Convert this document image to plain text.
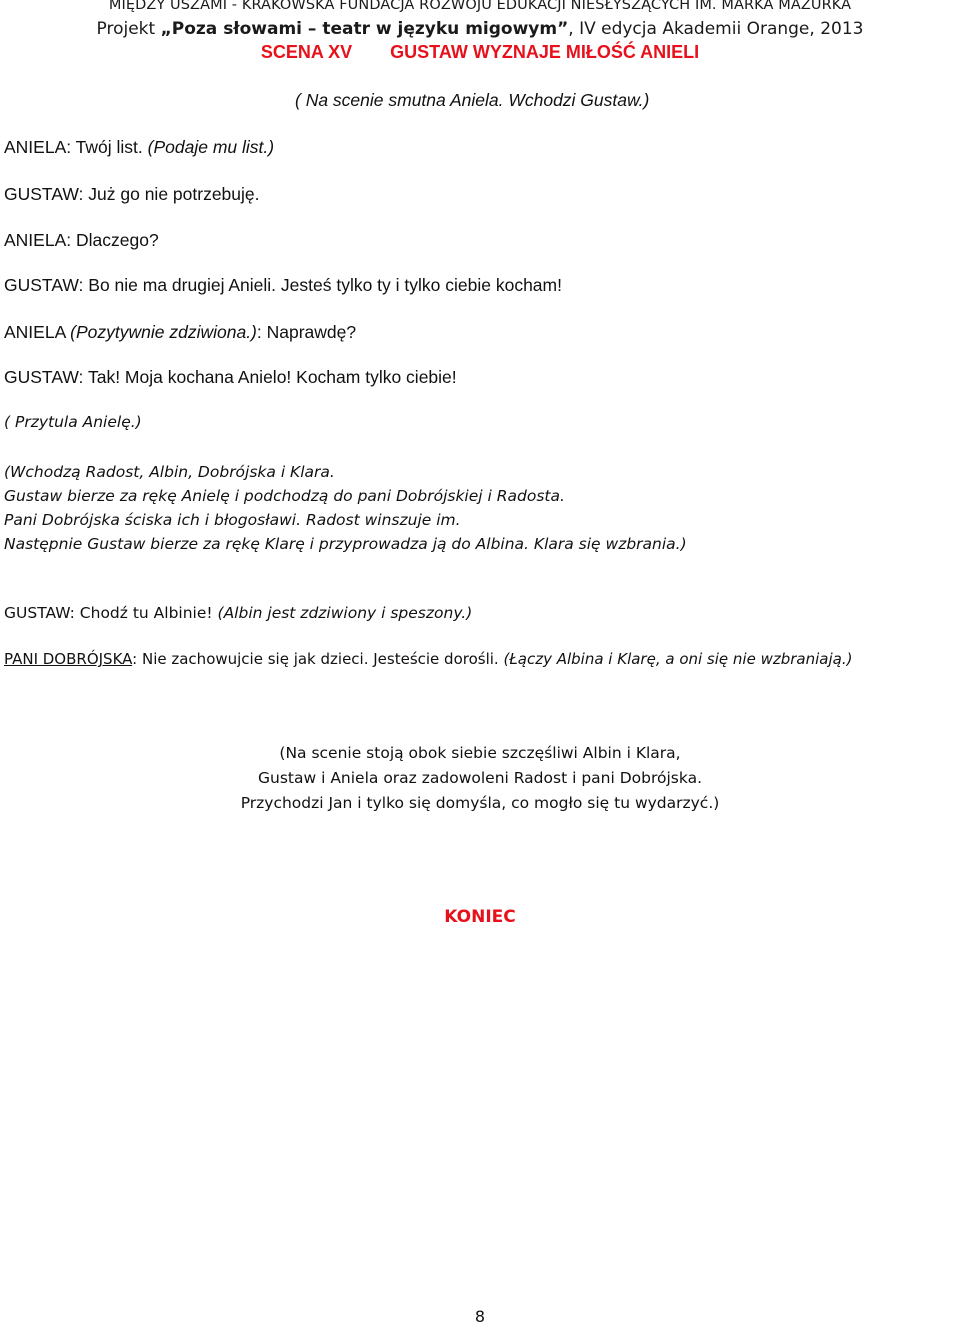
MIĘDZY USZAMI - KRAKOWSKA FUNDACJA ROZWOJU EDUKACJI NIESŁYSZĄCYCH IM. MARKA MAZURKA
Projekt „Poza słowami – teatr w języku migowym”, IV edycja Akademii Orange, 2013
SCENA XV GUSTAW WYZNAJE MIŁOŚĆ ANIELI
( Na scenie smutna Aniela. Wchodzi Gustaw.)
ANIELA: Twój list. (Podaje mu list.)
GUSTAW: Już go nie potrzebuję.
ANIELA: Dlaczego?
GUSTAW: Bo nie ma drugiej Anieli. Jesteś tylko ty i tylko ciebie kocham!
ANIELA (Pozytywnie zdziwiona.): Naprawdę?
GUSTAW: Tak! Moja kochana Anielo! Kocham tylko ciebie!
( Przytula Anielę.)
(Wchodzą Radost, Albin, Dobrójska i Klara.
Gustaw bierze za rękę Anielę i podchodzą do pani Dobrójskiej i Radosta.
Pani Dobrójska ściska ich i błogosławi. Radost winszuje im.
Następnie Gustaw bierze za rękę Klarę i przyprowadza ją do Albina. Klara się wzbrania.)
GUSTAW: Chodź tu Albinie! (Albin jest zdziwiony i speszony.)
PANI DOBRÓJSKA: Nie zachowujcie się jak dzieci. Jesteście dorośli. (Łączy Albina i Klarę, a oni się nie wzbraniają.)
(Na scenie stoją obok siebie szczęśliwi Albin i Klara,
Gustaw i Aniela oraz zadowoleni Radost i pani Dobrójska.
Przychodzi Jan i tylko się domyśla, co mogło się tu wydarzyć.)
KONIEC
8
